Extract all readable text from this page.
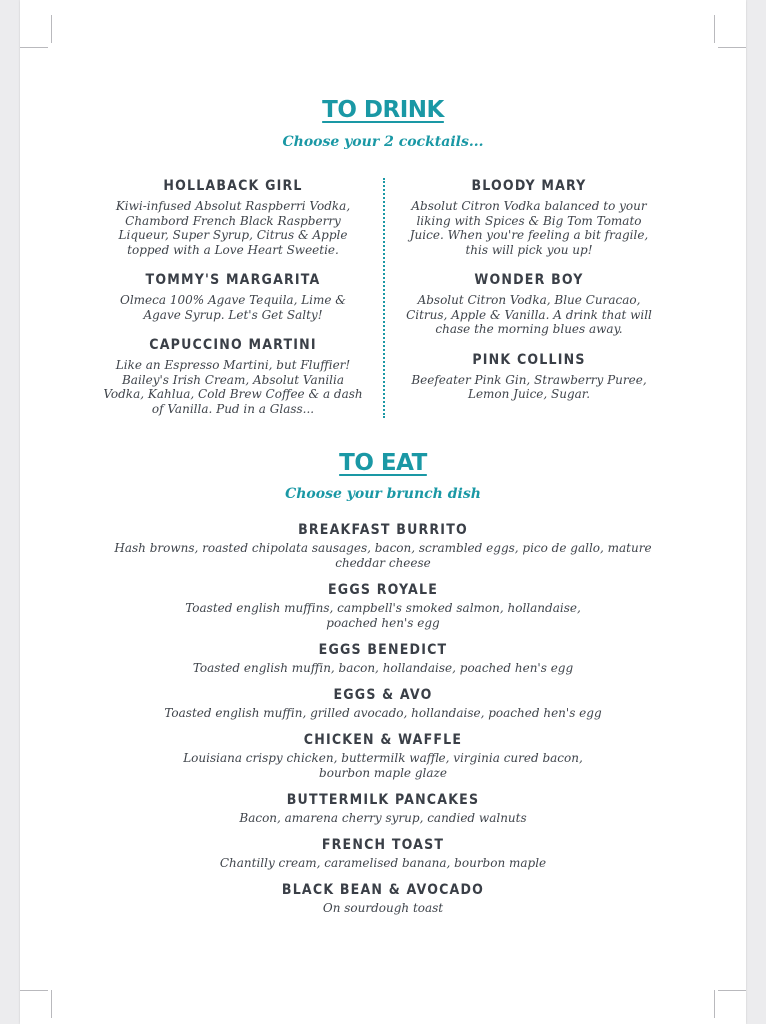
TO DRINK
Choose your 2 cocktails...

HOLLABACK GIRL

Kiwi-infused Absolut Raspberri Vodka, Chambord French Black Raspberry Liqueur, Super Syrup, Citrus & Apple topped with a Love Heart Sweetie.

TOMMY'S MARGARITA

Olmeca 100% Agave Tequila, Lime & Agave Syrup. Let's Get Salty!

CAPUCCINO MARTINI

Like an Espresso Martini, but Fluffier! Bailey's Irish Cream, Absolut Vanilia Vodka, Kahlua, Cold Brew Coffee & a dash of Vanilla. Pud in a Glass...

BLOODY MARY

Absolut Citron Vodka balanced to your liking with Spices & Big Tom Tomato Juice. When you're feeling a bit fragile, this will pick you up!

WONDER BOY

Absolut Citron Vodka, Blue Curacao, Citrus, Apple & Vanilla. A drink that will chase the morning blues away.

PINK COLLINS

Beefeater Pink Gin, Strawberry Puree, Lemon Juice, Sugar.

TO EAT
Choose your brunch dish

BREAKFAST BURRITO

Hash browns, roasted chipolata sausages, bacon, scrambled eggs, pico de gallo, mature cheddar cheese

EGGS ROYALE

Toasted english muffins, campbell's smoked salmon, hollandaise, poached hen's egg

EGGS BENEDICT

Toasted english muffin, bacon, hollandaise, poached hen's egg

EGGS & AVO

Toasted english muffin, grilled avocado, hollandaise, poached hen's egg

CHICKEN & WAFFLE

Louisiana crispy chicken, buttermilk waffle, virginia cured bacon, bourbon maple glaze

BUTTERMILK PANCAKES

Bacon, amarena cherry syrup, candied walnuts

FRENCH TOAST

Chantilly cream, caramelised banana, bourbon maple

BLACK BEAN & AVOCADO

On sourdough toast
